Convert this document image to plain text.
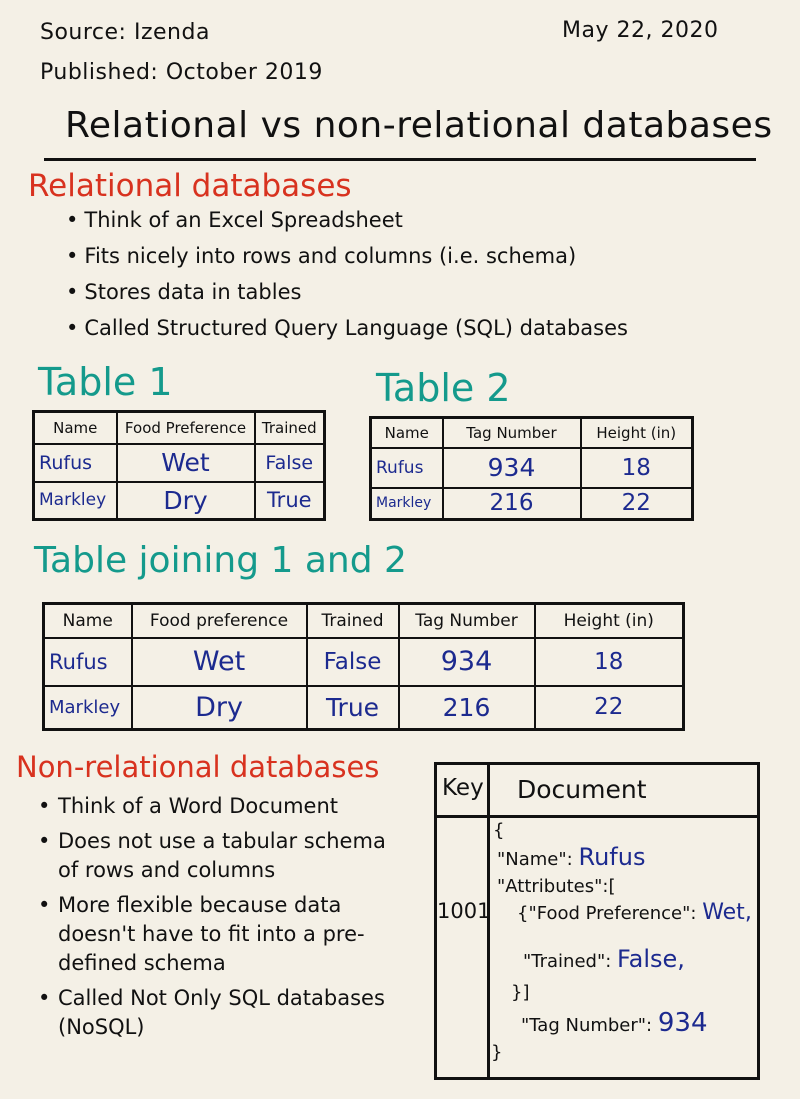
Source: Izenda
Published: October 2019
May 22, 2020
Relational vs non-relational databases
Relational databases
• Think of an Excel Spreadsheet
• Fits nicely into rows and columns (i.e. schema)
• Stores data in tables
• Called Structured Query Language (SQL) databases
Table 1
Name	Food Preference	Trained
Rufus	Wet	False
Markley	Dry	True
Table 2
Name	Tag Number	Height (in)
Rufus	934	18
Markley	216	22
Table joining 1 and 2
Name	Food preference	Trained	Tag Number	Height (in)
Rufus	Wet	False	934	18
Markley	Dry	True	216	22
Non-relational databases
• Think of a Word Document
• Does not use a tabular schema of rows and columns
• More flexible because data doesn't have to fit into a pre-defined schema
• Called Not Only SQL databases (NoSQL)
Key Document
1001
{
"Name": Rufus
"Attributes":[
{"Food Preference": Wet,
"Trained": False,
}]
"Tag Number": 934
}
